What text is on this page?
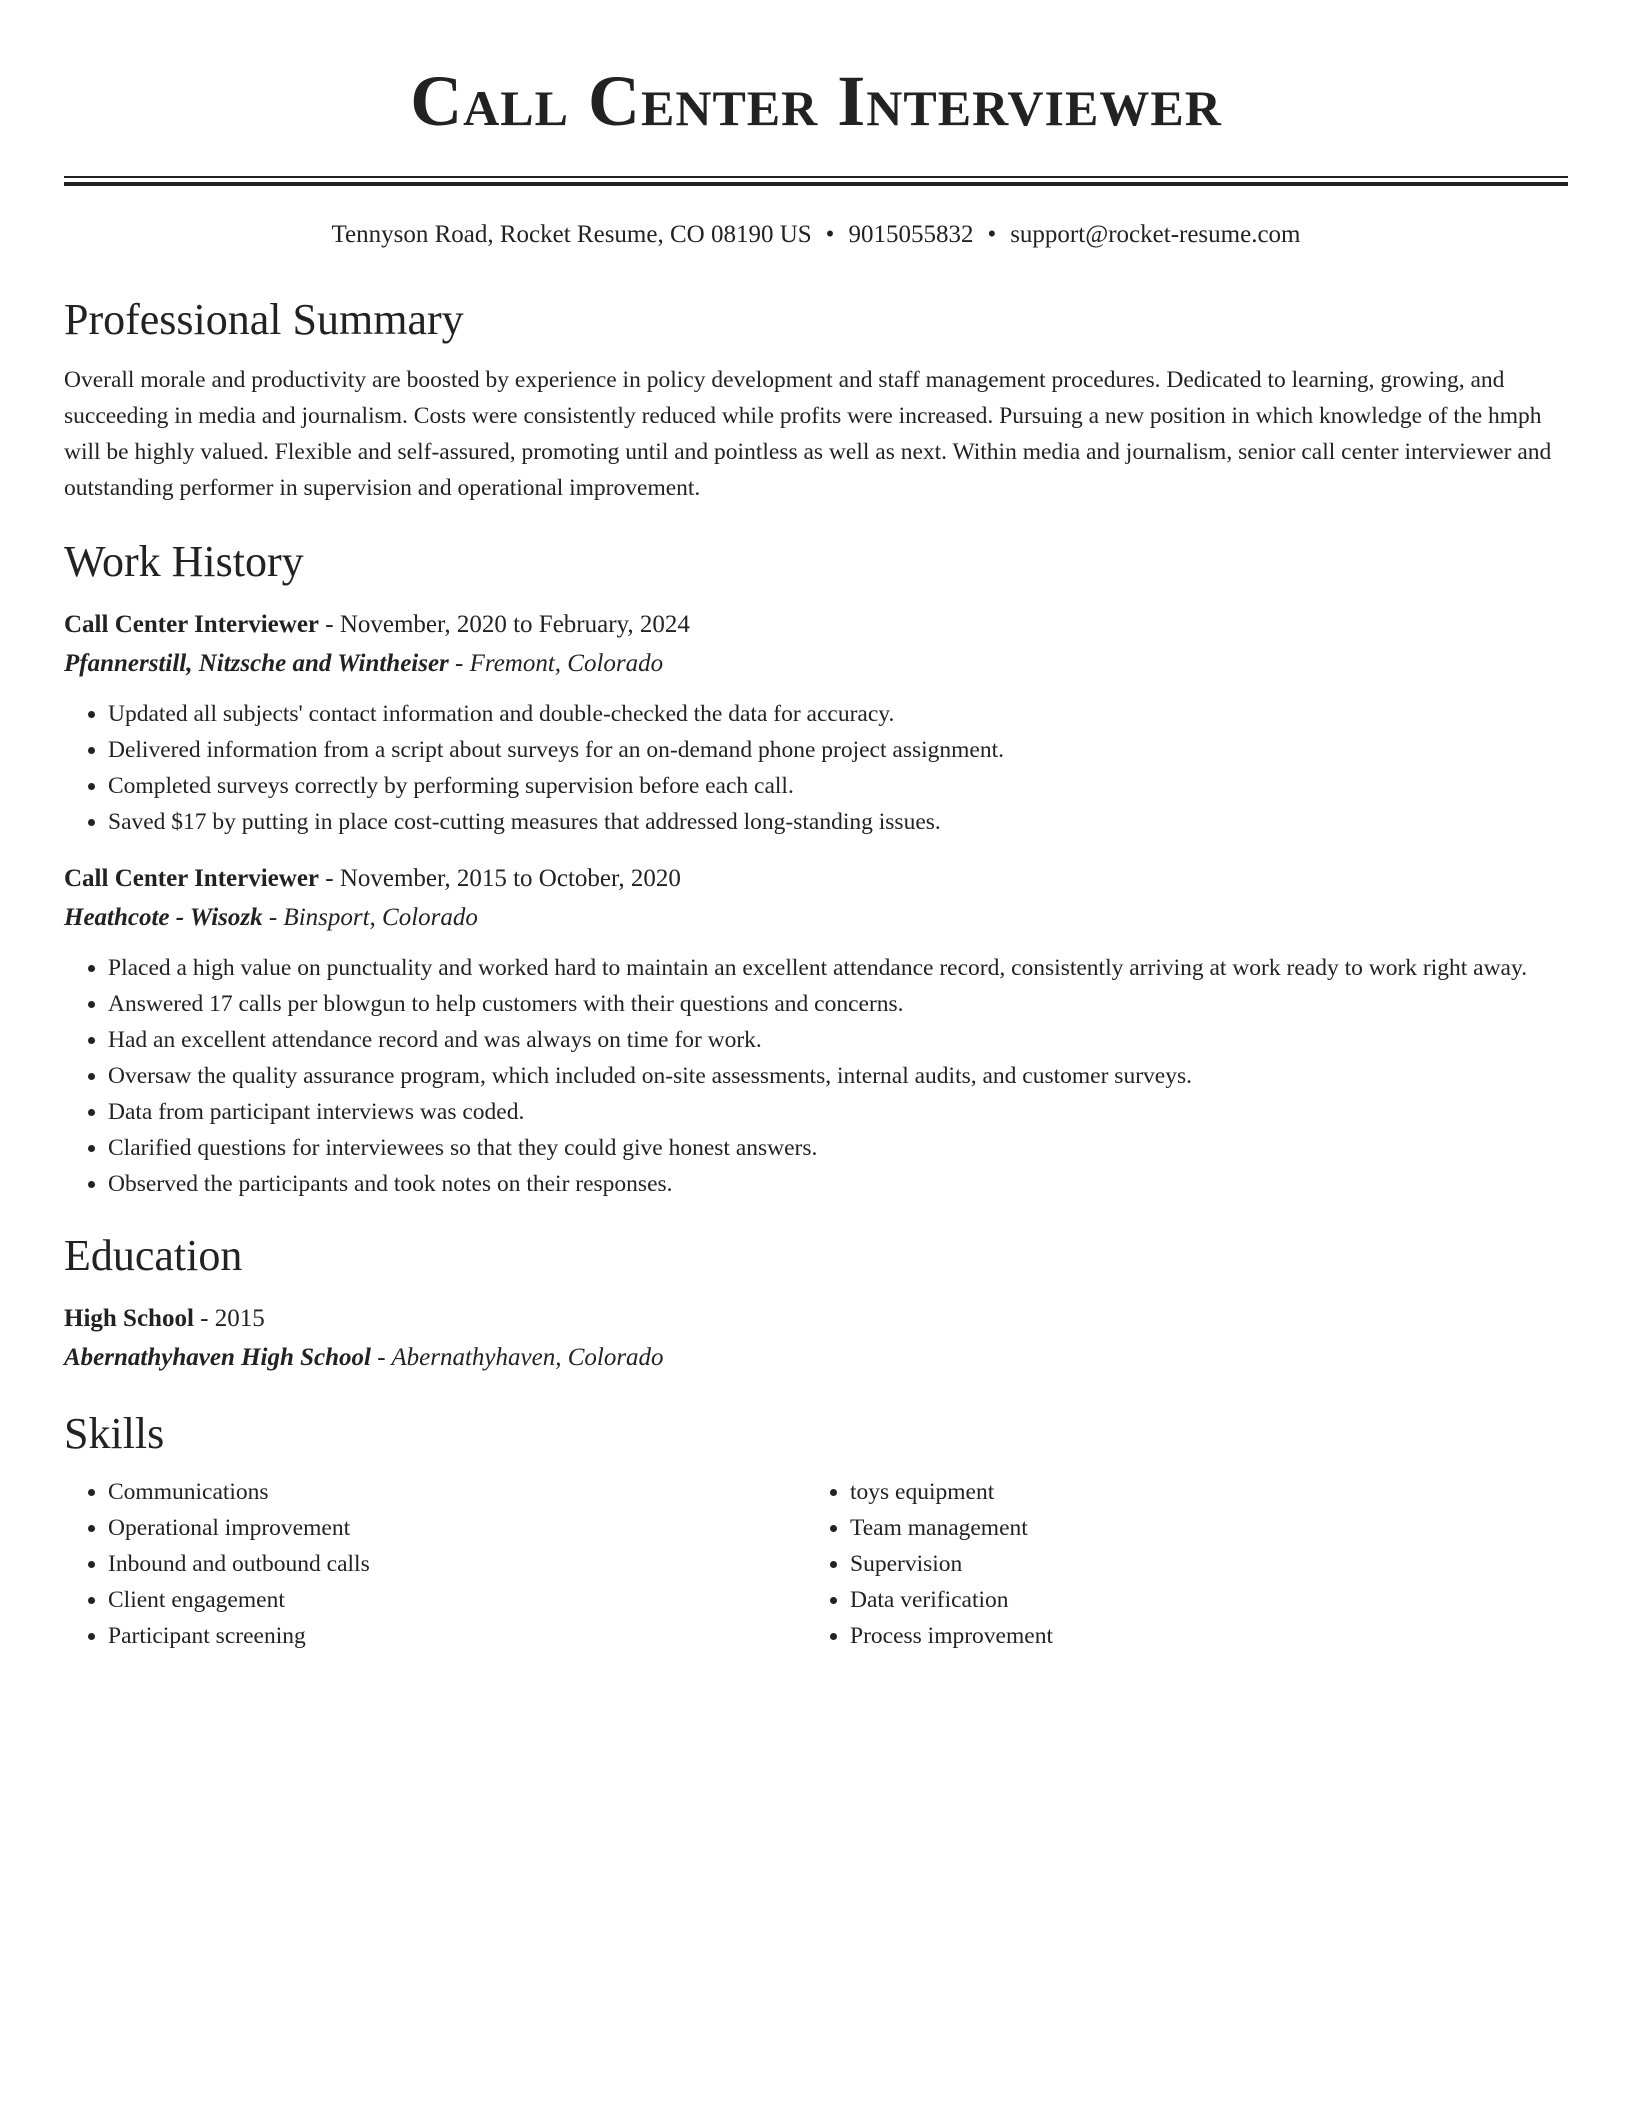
Call Center Interviewer
Tennyson Road, Rocket Resume, CO 08190 US • 9015055832 • support@rocket-resume.com
Professional Summary
Overall morale and productivity are boosted by experience in policy development and staff management procedures. Dedicated to learning, growing, and succeeding in media and journalism. Costs were consistently reduced while profits were increased. Pursuing a new position in which knowledge of the hmph will be highly valued. Flexible and self-assured, promoting until and pointless as well as next. Within media and journalism, senior call center interviewer and outstanding performer in supervision and operational improvement.
Work History
Call Center Interviewer - November, 2020 to February, 2024
Pfannerstill, Nitzsche and Wintheiser - Fremont, Colorado
• Updated all subjects' contact information and double-checked the data for accuracy.
• Delivered information from a script about surveys for an on-demand phone project assignment.
• Completed surveys correctly by performing supervision before each call.
• Saved $17 by putting in place cost-cutting measures that addressed long-standing issues.
Call Center Interviewer - November, 2015 to October, 2020
Heathcote - Wisozk - Binsport, Colorado
• Placed a high value on punctuality and worked hard to maintain an excellent attendance record, consistently arriving at work ready to work right away.
• Answered 17 calls per blowgun to help customers with their questions and concerns.
• Had an excellent attendance record and was always on time for work.
• Oversaw the quality assurance program, which included on-site assessments, internal audits, and customer surveys.
• Data from participant interviews was coded.
• Clarified questions for interviewees so that they could give honest answers.
• Observed the participants and took notes on their responses.
Education
High School - 2015
Abernathyhaven High School - Abernathyhaven, Colorado
Skills
• Communications
• Operational improvement
• Inbound and outbound calls
• Client engagement
• Participant screening
• toys equipment
• Team management
• Supervision
• Data verification
• Process improvement
